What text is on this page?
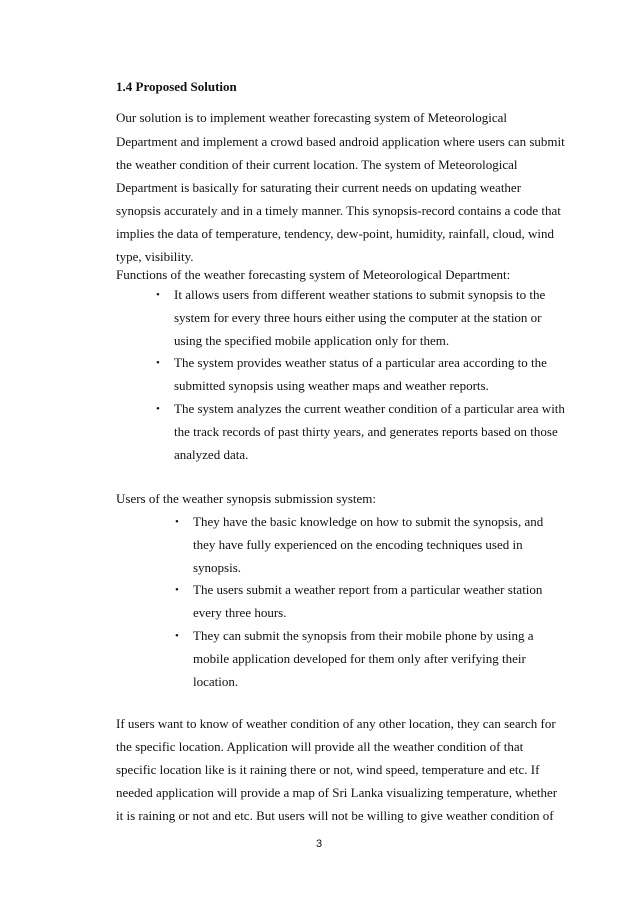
1.4 Proposed Solution
Our solution is to implement weather forecasting system of Meteorological
Department and implement a crowd based android application where users can submit
the weather condition of their current location. The system of Meteorological
Department is basically for saturating their current needs on updating weather
synopsis accurately and in a timely manner. This synopsis-record contains a code that
implies the data of temperature, tendency, dew-point, humidity, rainfall, cloud, wind
type, visibility.
Functions of the weather forecasting system of Meteorological Department:
• It allows users from different weather stations to submit synopsis to the
system for every three hours either using the computer at the station or
using the specified mobile application only for them.
• The system provides weather status of a particular area according to the
submitted synopsis using weather maps and weather reports.
• The system analyzes the current weather condition of a particular area with
the track records of past thirty years, and generates reports based on those
analyzed data.
Users of the weather synopsis submission system:
• They have the basic knowledge on how to submit the synopsis, and
they have fully experienced on the encoding techniques used in
synopsis.
• The users submit a weather report from a particular weather station
every three hours.
• They can submit the synopsis from their mobile phone by using a
mobile application developed for them only after verifying their
location.
If users want to know of weather condition of any other location, they can search for
the specific location. Application will provide all the weather condition of that
specific location like is it raining there or not, wind speed, temperature and etc. If
needed application will provide a map of Sri Lanka visualizing temperature, whether
it is raining or not and etc. But users will not be willing to give weather condition of
3
